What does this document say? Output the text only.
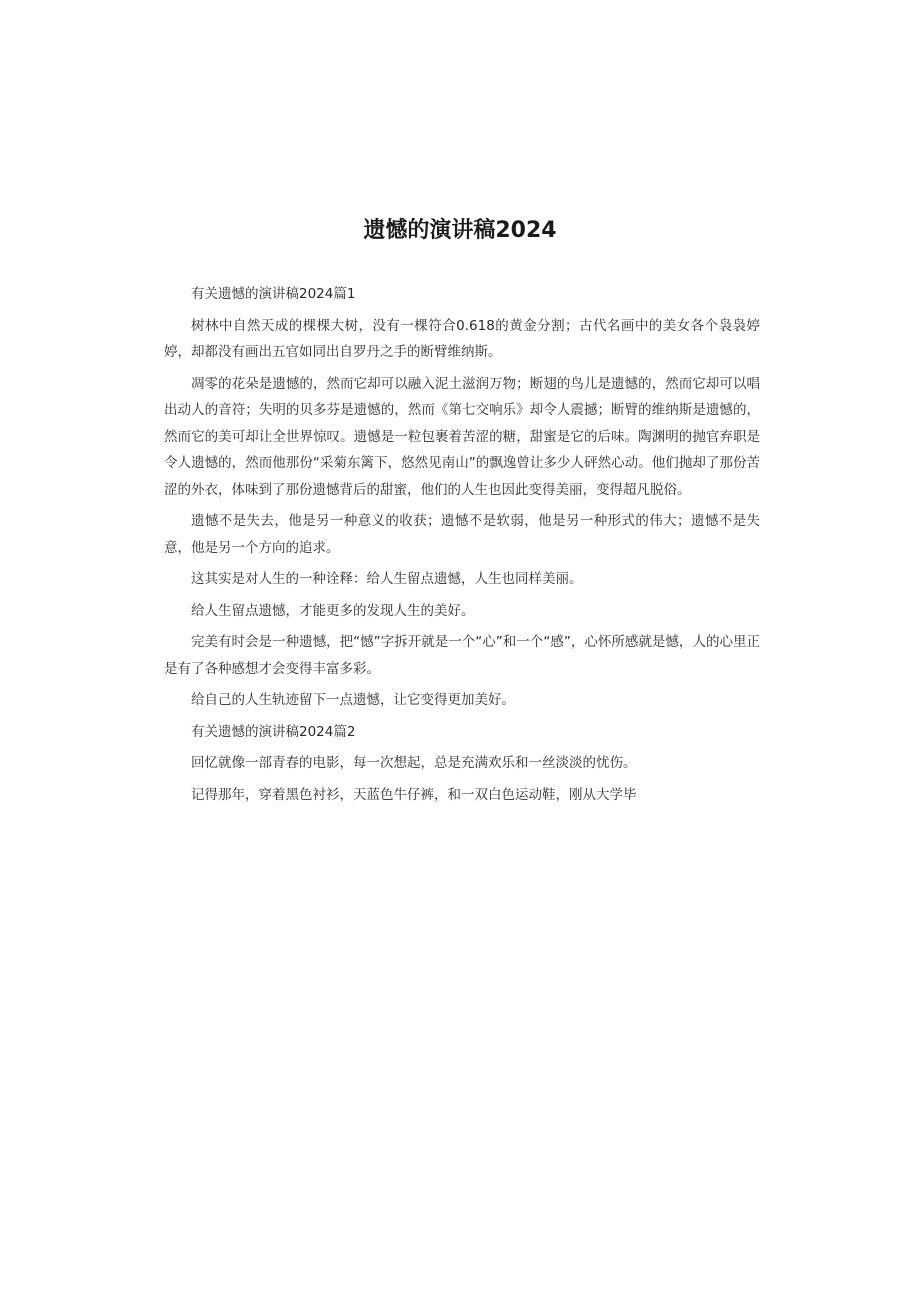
遗憾的演讲稿2024

有关遗憾的演讲稿2024篇1

树林中自然天成的棵棵大树，没有一棵符合0.618的黄金分割；古代名画中的美女各个袅袅婷婷，却都没有画出五官如同出自罗丹之手的断臂维纳斯。

凋零的花朵是遗憾的，然而它却可以融入泥土滋润万物；断翅的鸟儿是遗憾的，然而它却可以唱出动人的音符；失明的贝多芬是遗憾的，然而《第七交响乐》却令人震撼；断臂的维纳斯是遗憾的，然而它的美可却让全世界惊叹。遗憾是一粒包裹着苦涩的糖，甜蜜是它的后味。陶渊明的抛官弃职是令人遗憾的，然而他那份“采菊东篱下，悠然见南山”的飘逸曾让多少人砰然心动。他们抛却了那份苦涩的外衣，体味到了那份遗憾背后的甜蜜，他们的人生也因此变得美丽，变得超凡脱俗。

遗憾不是失去，他是另一种意义的收获；遗憾不是软弱，他是另一种形式的伟大；遗憾不是失意，他是另一个方向的追求。

这其实是对人生的一种诠释：给人生留点遗憾，人生也同样美丽。

给人生留点遗憾，才能更多的发现人生的美好。

完美有时会是一种遗憾，把“憾”字拆开就是一个“心”和一个“感”，心怀所感就是憾，人的心里正是有了各种感想才会变得丰富多彩。

给自己的人生轨迹留下一点遗憾，让它变得更加美好。

有关遗憾的演讲稿2024篇2

回忆就像一部青春的电影，每一次想起，总是充满欢乐和一丝淡淡的忧伤。

记得那年，穿着黑色衬衫，天蓝色牛仔裤，和一双白色运动鞋，刚从大学毕
